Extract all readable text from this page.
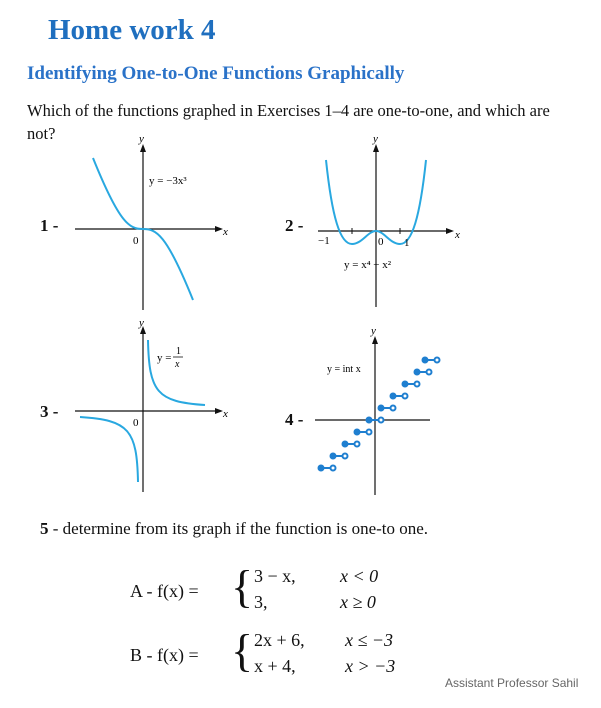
Home work 4
Identifying One-to-One Functions Graphically
Which of the functions graphed in Exercises 1–4 are one-to-one, and which are not?
1 -	x
y
0
y = −3x³
2 -	x
y
0
−1	1
y = x⁴ − x²
3 -	x
y
0
y =
1
x
4 -
y
y = int x
5 - determine from its graph if the function is one-to one.
A - f(x) = { 3 − x, x < 0
3,	x ≥ 0
B - f(x) = { 2x + 6, x ≤ −3
x + 4,	x > −3
Assistant Professor Sahil
